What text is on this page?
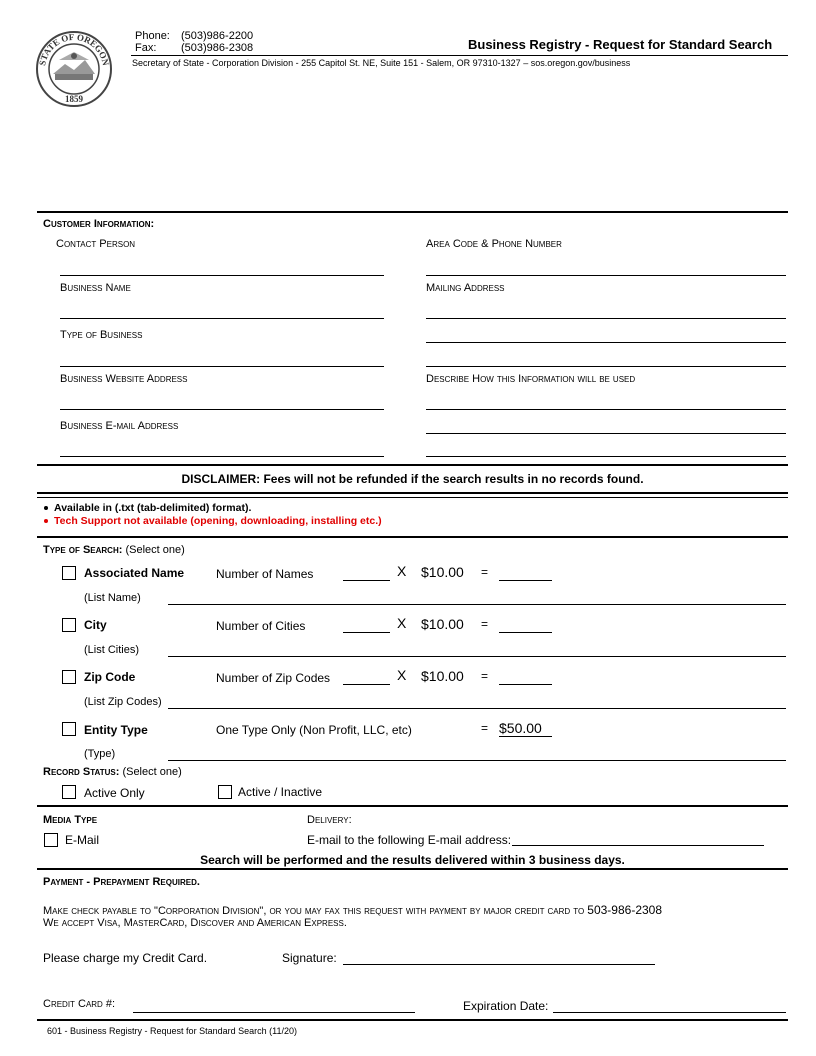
STATE OF OREGON
1859
Phone: (503)986-2200
Fax: (503)986-2308	Business Registry - Request for Standard Search
Secretary of State - Corporation Division - 255 Capitol St. NE, Suite 151 - Salem, OR 97310-1327 – sos.oregon.gov/business
Customer Information:
Contact Person	Area Code & Phone Number
Business Name	Mailing Address
Type of Business
Business Website Address	Describe How this Information will be used
Business E-mail Address
DISCLAIMER: Fees will not be refunded if the search results in no records found.
Available in (.txt (tab-delimited) format).
Tech Support not available (opening, downloading, installing etc.)
Type of Search: (Select one)
Associated Name	Number of Names	X $10.00 =
(List Name)
City	Number of Cities	X $10.00 =
(List Cities)
Zip Code	Number of Zip Codes	X $10.00 =
(List Zip Codes)
Entity Type	One Type Only (Non Profit, LLC, etc)	= $50.00
(Type)
Record Status: (Select one)
Active Only	Active / Inactive
Media Type
E-Mail
Delivery:
E-mail to the following E-mail address:
Search will be performed and the results delivered within 3 business days.
Payment - Prepayment Required.
Make check payable to "Corporation Division", or you may fax this request with payment by major credit card to 503-986-2308
We accept Visa, MasterCard, Discover and American Express.
Please charge my Credit Card.	Signature:
Credit Card #:	Expiration Date:
601 - Business Registry - Request for Standard Search (11/20)
